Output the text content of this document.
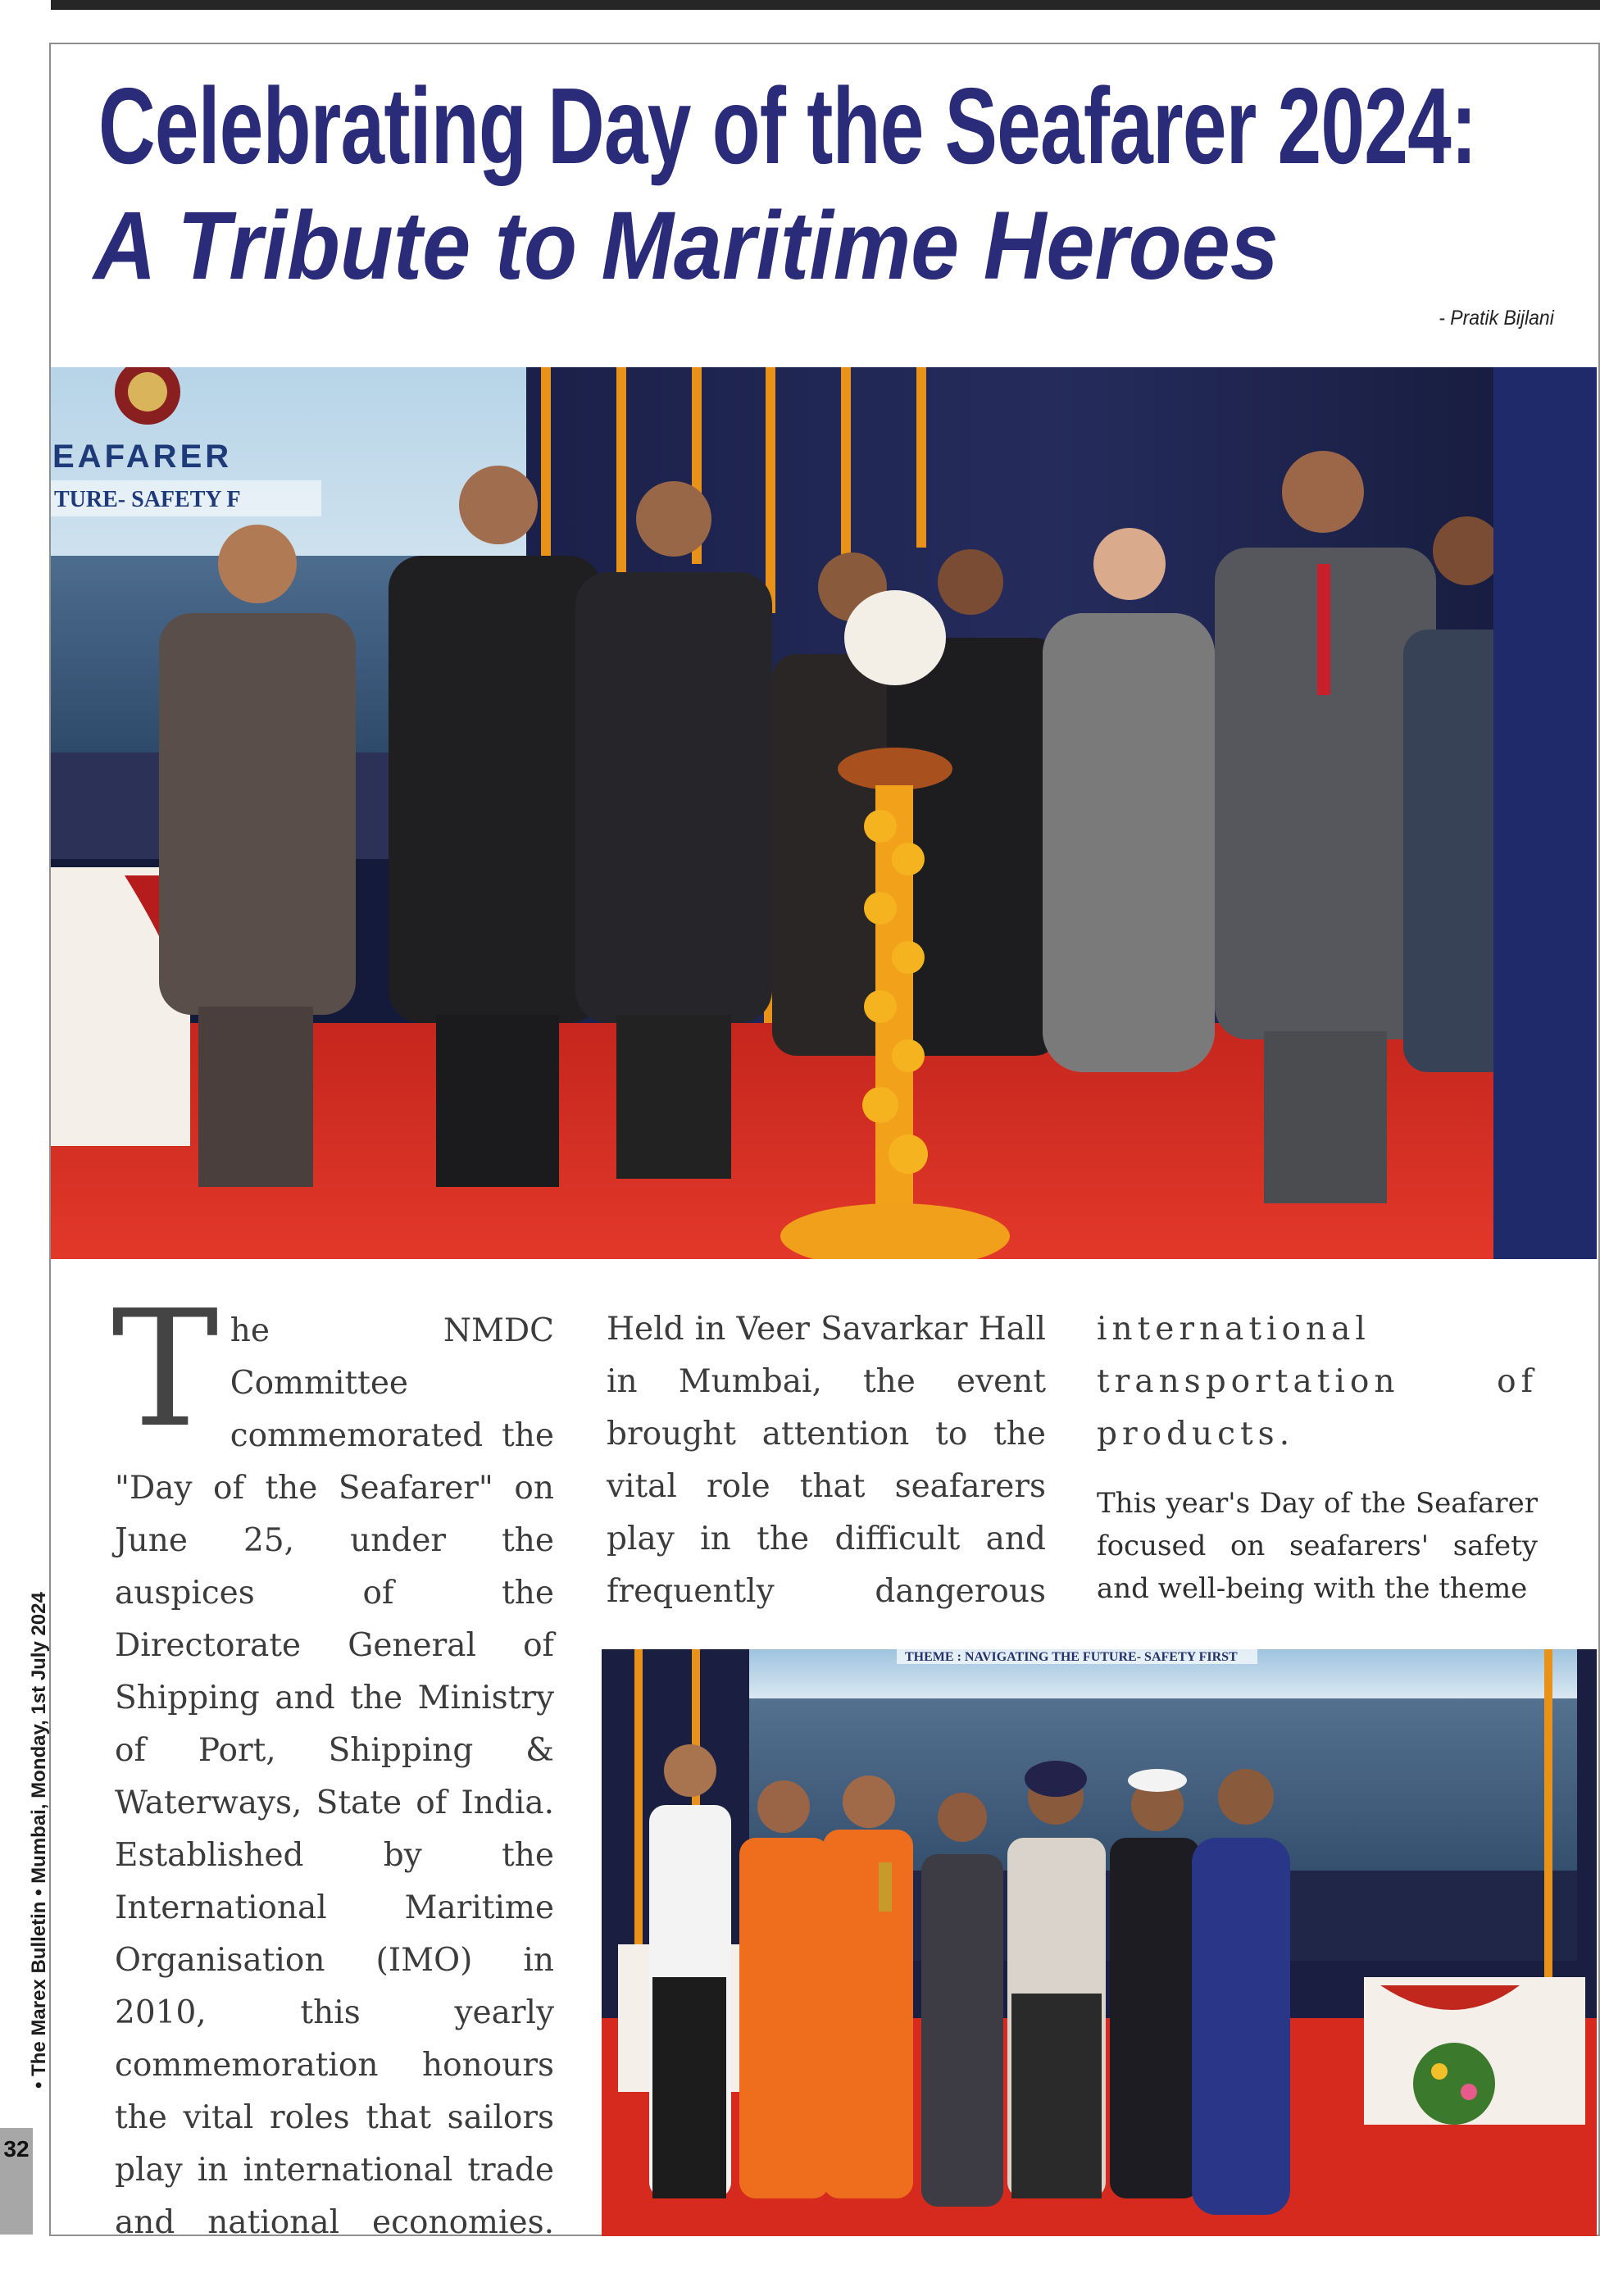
Celebrating Day of the Seafarer 2024:
A Tribute to Maritime Heroes
- Pratik Bijlani
EAFARER
TURE- SAFETY F
The NMDC Committee commemorated the "Day of the Seafarer" on June 25, under the auspices of the Directorate General of Shipping and the Ministry of Port, Shipping & Waterways, State of India. Established by the International Maritime Organisation (IMO) in 2010, this yearly commemoration honours the vital roles that sailors play in international trade and national economies.
Held in Veer Savarkar Hall in Mumbai, the event brought attention to the vital role that seafarers play in the difficult and frequently dangerous

international transportation of products.

This year's Day of the Seafarer focused on seafarers' safety and well-being with the theme

THEME : NAVIGATING THE FUTURE- SAFETY FIRST
• The Marex Bulletin • Mumbai, Monday, 1st July 2024
32
